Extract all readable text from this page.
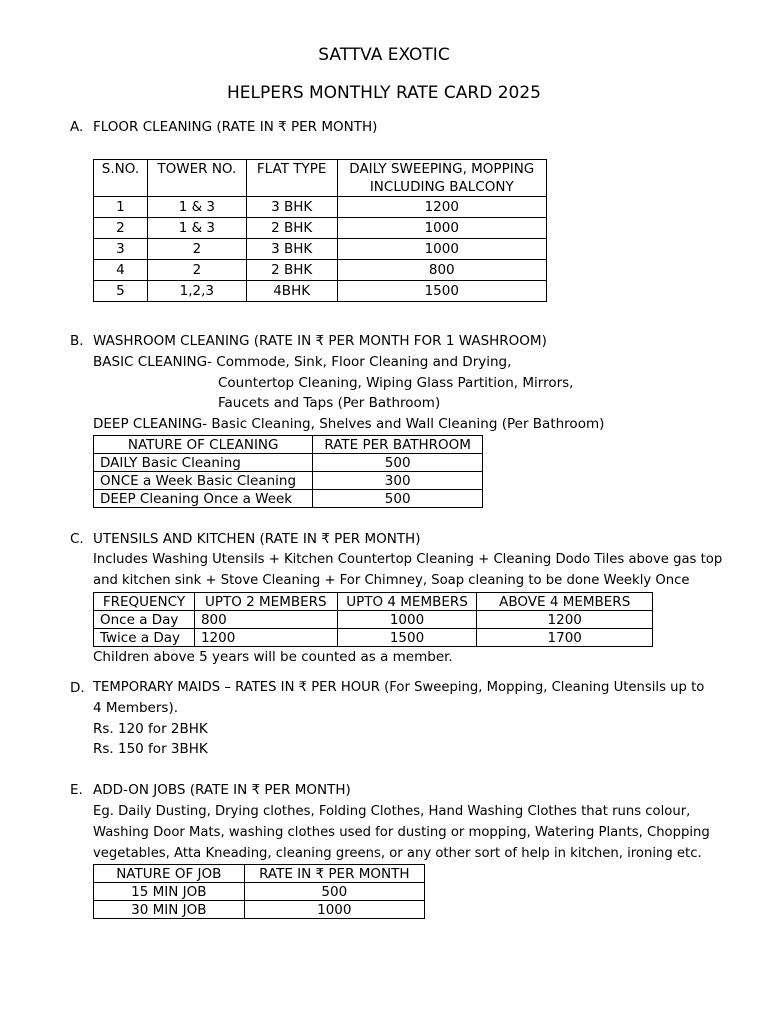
SATTVA EXOTIC
HELPERS MONTHLY RATE CARD 2025
A. FLOOR CLEANING (RATE IN ₹ PER MONTH)
S.NO.	TOWER NO.	FLAT TYPE	DAILY SWEEPING, MOPPING
INCLUDING BALCONY

1	1 & 3	3 BHK	1200
2	1 & 3	2 BHK	1000
3	2	3 BHK	1000
4	2	2 BHK	800
5	1,2,3	4BHK	1500
B. WASHROOM CLEANING (RATE IN ₹ PER MONTH FOR 1 WASHROOM)
BASIC CLEANING- Commode, Sink, Floor Cleaning and Drying,
Countertop Cleaning, Wiping Glass Partition, Mirrors,
Faucets and Taps (Per Bathroom)
DEEP CLEANING- Basic Cleaning, Shelves and Wall Cleaning (Per Bathroom)
NATURE OF CLEANING	RATE PER BATHROOM
DAILY Basic Cleaning	500
ONCE a Week Basic Cleaning	300
DEEP Cleaning Once a Week	500
C. UTENSILS AND KITCHEN (RATE IN ₹ PER MONTH)
Includes Washing Utensils + Kitchen Countertop Cleaning + Cleaning Dodo Tiles above gas top
and kitchen sink + Stove Cleaning + For Chimney, Soap cleaning to be done Weekly Once
FREQUENCY	UPTO 2 MEMBERS	UPTO 4 MEMBERS	ABOVE 4 MEMBERS
Once a Day	800	1000	1200
Twice a Day	1200	1500	1700
Children above 5 years will be counted as a member.
D. TEMPORARY MAIDS – RATES IN ₹ PER HOUR (For Sweeping, Mopping, Cleaning Utensils up to
4 Members).
Rs. 120 for 2BHK
Rs. 150 for 3BHK
E. ADD-ON JOBS (RATE IN ₹ PER MONTH)
Eg. Daily Dusting, Drying clothes, Folding Clothes, Hand Washing Clothes that runs colour,
Washing Door Mats, washing clothes used for dusting or mopping, Watering Plants, Chopping
vegetables, Atta Kneading, cleaning greens, or any other sort of help in kitchen, ironing etc.
NATURE OF JOB	RATE IN ₹ PER MONTH
15 MIN JOB	500
30 MIN JOB	1000
